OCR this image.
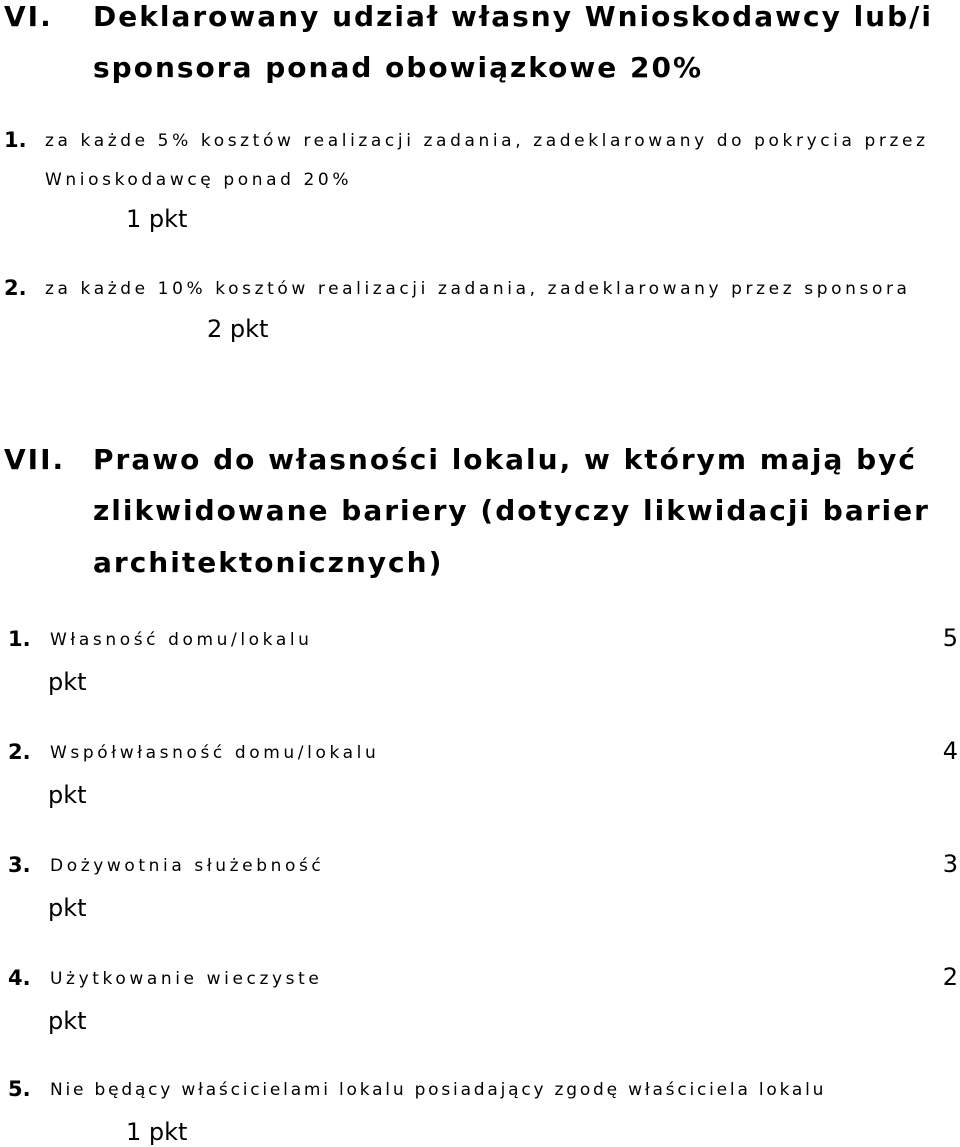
VI. Deklarowany udział własny Wnioskodawcy lub/i
sponsora ponad obowiązkowe 20%
1. za każde 5% kosztów realizacji zadania, zadeklarowany do pokrycia przez
Wnioskodawcę ponad 20%
1 pkt
2. za każde 10% kosztów realizacji zadania, zadeklarowany przez sponsora
2 pkt
VII. Prawo do własności lokalu, w którym mają być
zlikwidowane bariery (dotyczy likwidacji barier
architektonicznych)
1. Własność domu/lokalu	5
pkt
2. Współwłasność domu/lokalu	4
pkt
3. Dożywotnia służebność	3
pkt
4. Użytkowanie wieczyste	2
pkt
5. Nie będący właścicielami lokalu posiadający zgodę właściciela lokalu
1 pkt
